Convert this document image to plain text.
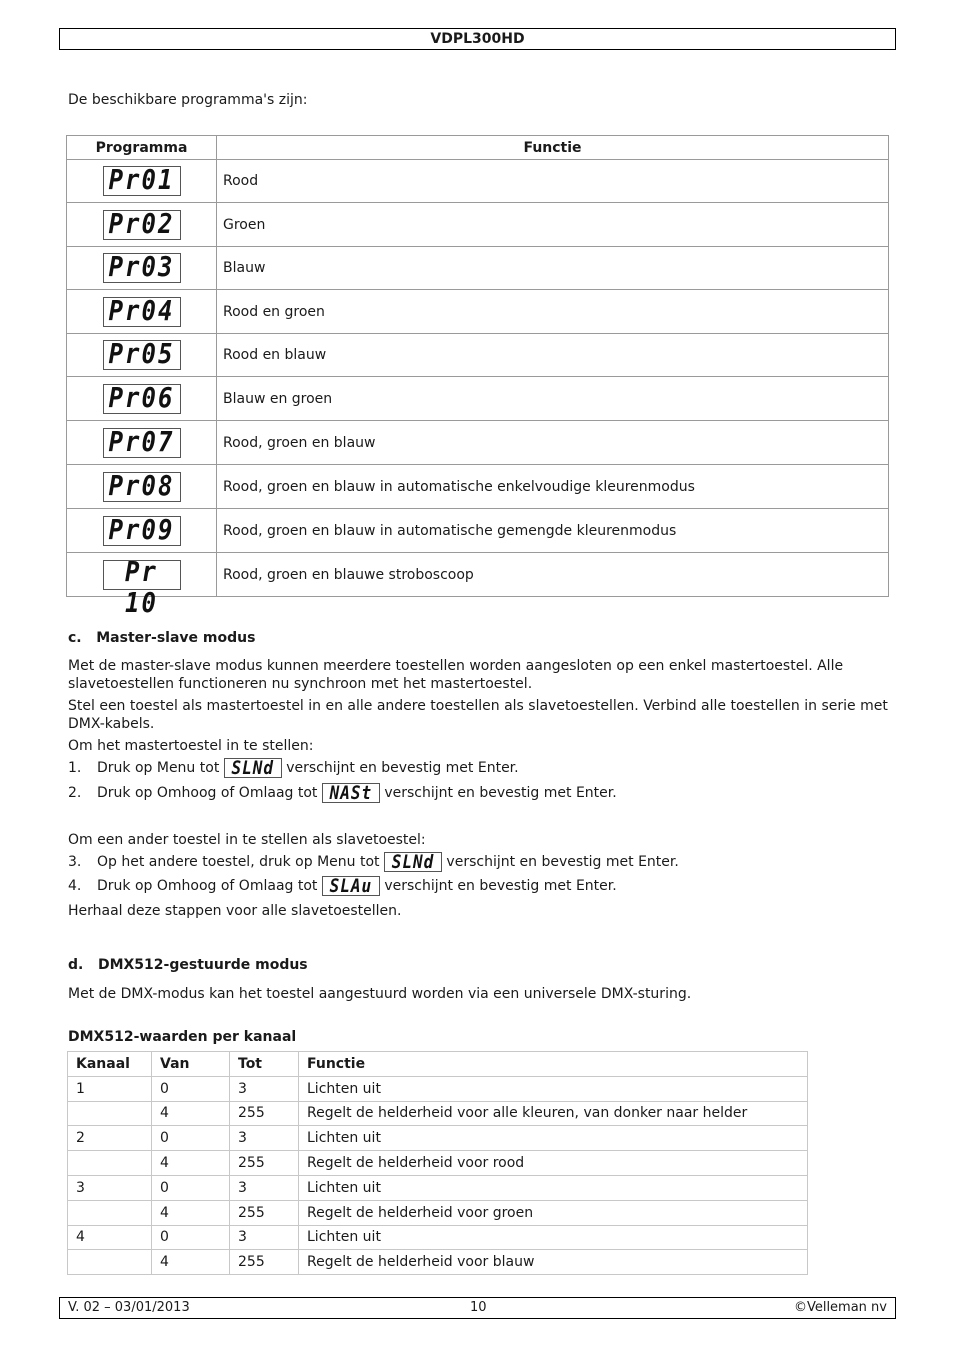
VDPL300HD
De beschikbare programma's zijn:
Programma	Functie

Pr01	Rood

Pr02	Groen

Pr03	Blauw

Pr04	Rood en groen

Pr05	Rood en blauw

Pr06	Blauw en groen

Pr07	Rood, groen en blauw

Pr08	Rood, groen en blauw in automatische enkelvoudige kleurenmodus

Pr09	Rood, groen en blauw in automatische gemengde kleurenmodus

Pr 10	Rood, groen en blauwe stroboscoop
c.   Master-slave modus
Met de master-slave modus kunnen meerdere toestellen worden aangesloten op een enkel mastertoestel. Alle slavetoestellen functioneren nu synchroon met het mastertoestel.
Stel een toestel als mastertoestel in en alle andere toestellen als slavetoestellen. Verbind alle toestellen in serie met DMX-kabels.
Om het mastertoestel in te stellen:
1. Druk op Menu tot SLNd verschijnt en bevestig met Enter.
2. Druk op Omhoog of Omlaag tot NASt verschijnt en bevestig met Enter.
Om een ander toestel in te stellen als slavetoestel:
3. Op het andere toestel, druk op Menu tot SLNd verschijnt en bevestig met Enter.
4. Druk op Omhoog of Omlaag tot SLAu verschijnt en bevestig met Enter.
Herhaal deze stappen voor alle slavetoestellen.
d.   DMX512-gestuurde modus
Met de DMX-modus kan het toestel aangestuurd worden via een universele DMX-sturing.
DMX512-waarden per kanaal
Kanaal	Van	Tot	Functie
1	0	3	Lichten uit
	4	255	Regelt de helderheid voor alle kleuren, van donker naar helder
2	0	3	Lichten uit
	4	255	Regelt de helderheid voor rood
3	0	3	Lichten uit
	4	255	Regelt de helderheid voor groen
4	0	3	Lichten uit
	4	255	Regelt de helderheid voor blauw
V. 02 – 03/01/2013	10	©Velleman nv
